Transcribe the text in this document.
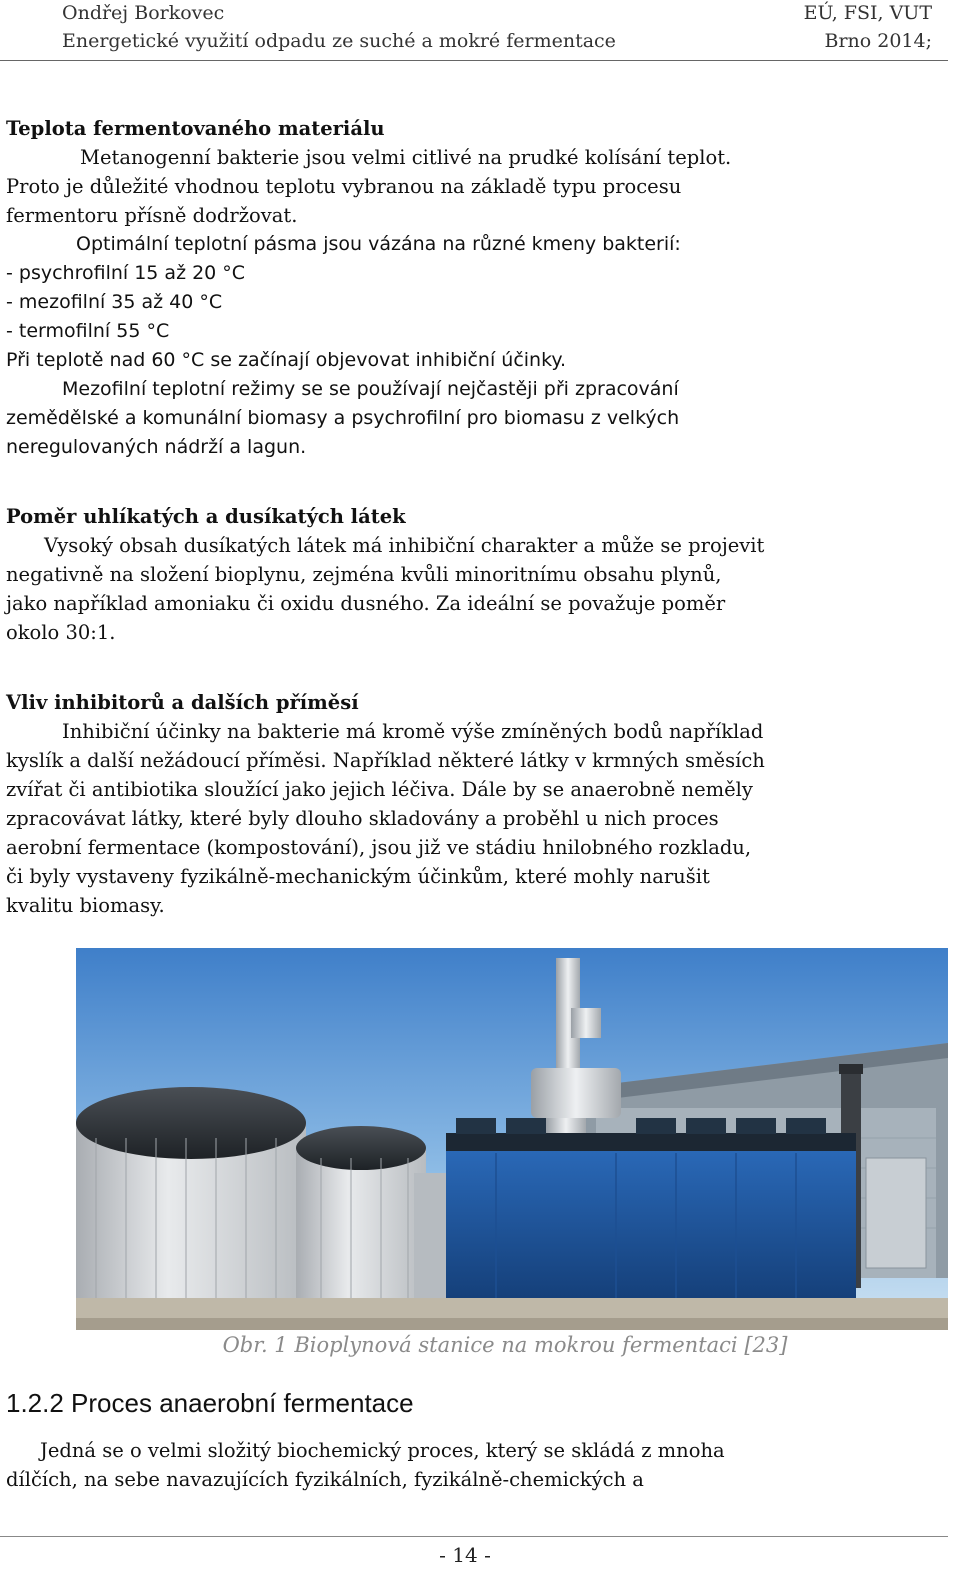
Ondřej Borkovec
Energetické využití odpadu ze suché a mokré fermentace
EÚ, FSI, VUT
Brno 2014;
Teplota fermentovaného materiálu
Metanogenní bakterie jsou velmi citlivé na prudké kolísání teplot.
Proto je důležité vhodnou teplotu vybranou na základě typu procesu
fermentoru přísně dodržovat.
Optimální teplotní pásma jsou vázána na různé kmeny bakterií:
- psychrofilní 15 až 20 °C
- mezofilní 35 až 40 °C
- termofilní 55 °C
Při teplotě nad 60 °C se začínají objevovat inhibiční účinky.
Mezofilní teplotní režimy se se používají nejčastěji při zpracování
zemědělské a komunální biomasy a psychrofilní pro biomasu z velkých
neregulovaných nádrží a lagun.
Poměr uhlíkatých a dusíkatých látek
Vysoký obsah dusíkatých látek má inhibiční charakter a může se projevit
negativně na složení bioplynu, zejména kvůli minoritnímu obsahu plynů,
jako například amoniaku či oxidu dusného. Za ideální se považuje poměr
okolo 30:1.
Vliv inhibitorů a dalších příměsí
Inhibiční účinky na bakterie má kromě výše zmíněných bodů například
kyslík a další nežádoucí příměsi. Například některé látky v krmných směsích
zvířat či antibiotika sloužící jako jejich léčiva. Dále by se anaerobně neměly
zpracovávat látky, které byly dlouho skladovány a proběhl u nich proces
aerobní fermentace (kompostování), jsou již ve stádiu hnilobného rozkladu,
či byly vystaveny fyzikálně-mechanickým účinkům, které mohly narušit
kvalitu biomasy.
Obr. 1 Bioplynová stanice na mokrou fermentaci [23]
1.2.2 Proces anaerobní fermentace
Jedná se o velmi složitý biochemický proces, který se skládá z mnoha
dílčích, na sebe navazujících fyzikálních, fyzikálně-chemických a
- 14 -
